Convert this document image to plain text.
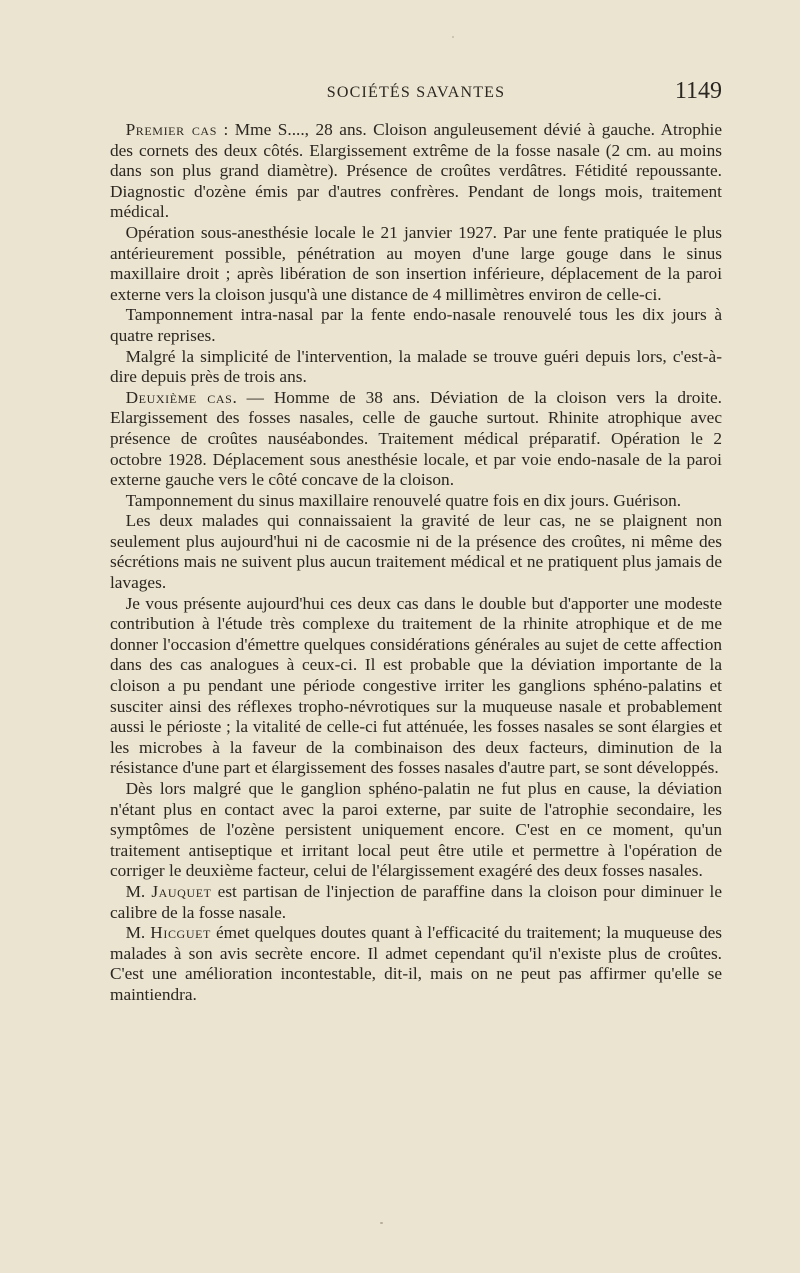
SOCIÉTÉS SAVANTES	1149

Premier cas : Mme S...., 28 ans. Cloison anguleusement dévié à gauche. Atrophie des cornets des deux côtés. Elargissement extrême de la fosse nasale (2 cm. au moins dans son plus grand diamètre). Présence de croûtes verdâtres. Fétidité repoussante. Diagnostic d'ozène émis par d'autres confrères. Pendant de longs mois, traitement médical.

Opération sous-anesthésie locale le 21 janvier 1927. Par une fente pratiquée le plus antérieurement possible, pénétration au moyen d'une large gouge dans le sinus maxillaire droit ; après libération de son insertion inférieure, déplacement de la paroi externe vers la cloison jusqu'à une distance de 4 millimètres environ de celle-ci.

Tamponnement intra-nasal par la fente endo-nasale renouvelé tous les dix jours à quatre reprises.

Malgré la simplicité de l'intervention, la malade se trouve guéri depuis lors, c'est-à-dire depuis près de trois ans.

Deuxième cas. — Homme de 38 ans. Déviation de la cloison vers la droite. Elargissement des fosses nasales, celle de gauche surtout. Rhinite atrophique avec présence de croûtes nauséabondes. Traitement médical préparatif. Opération le 2 octobre 1928. Déplacement sous anesthésie locale, et par voie endo-nasale de la paroi externe gauche vers le côté concave de la cloison.

Tamponnement du sinus maxillaire renouvelé quatre fois en dix jours. Guérison.

Les deux malades qui connaissaient la gravité de leur cas, ne se plaignent non seulement plus aujourd'hui ni de cacosmie ni de la présence des croûtes, ni même des sécrétions mais ne suivent plus aucun traitement médical et ne pratiquent plus jamais de lavages.

Je vous présente aujourd'hui ces deux cas dans le double but d'apporter une modeste contribution à l'étude très complexe du traitement de la rhinite atrophique et de me donner l'occasion d'émettre quelques considérations générales au sujet de cette affection dans des cas analogues à ceux-ci. Il est probable que la déviation importante de la cloison a pu pendant une période congestive irriter les ganglions sphéno-palatins et susciter ainsi des réflexes tropho-névrotiques sur la muqueuse nasale et probablement aussi le périoste ; la vitalité de celle-ci fut atténuée, les fosses nasales se sont élargies et les microbes à la faveur de la combinaison des deux facteurs, diminution de la résistance d'une part et élargissement des fosses nasales d'autre part, se sont développés.

Dès lors malgré que le ganglion sphéno-palatin ne fut plus en cause, la déviation n'étant plus en contact avec la paroi externe, par suite de l'atrophie secondaire, les symptômes de l'ozène persistent uniquement encore. C'est en ce moment, qu'un traitement antiseptique et irritant local peut être utile et permettre à l'opération de corriger le deuxième facteur, celui de l'élargissement exagéré des deux fosses nasales.

M. Jauquet est partisan de l'injection de paraffine dans la cloison pour diminuer le calibre de la fosse nasale.

M. Hicguet émet quelques doutes quant à l'efficacité du traitement; la muqueuse des malades à son avis secrète encore. Il admet cependant qu'il n'existe plus de croûtes. C'est une amélioration incontestable, dit-il, mais on ne peut pas affirmer qu'elle se maintiendra.
